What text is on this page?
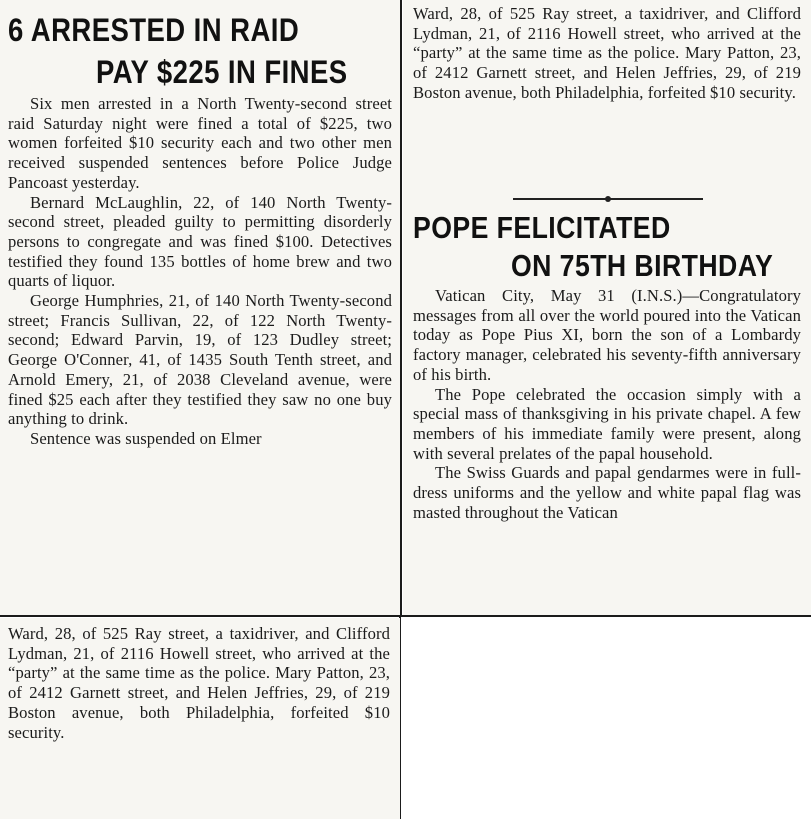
6 ARRESTED IN RAID
PAY $225 IN FINES

Six men arrested in a North Twenty-second street raid Saturday night were fined a total of $225, two women forfeited $10 security each and two other men received suspended sentences before Police Judge Pancoast yesterday.

Bernard McLaughlin, 22, of 140 North Twenty-second street, pleaded guilty to permitting disorderly persons to congregate and was fined $100. Detectives testified they found 135 bottles of home brew and two quarts of liquor.

George Humphries, 21, of 140 North Twenty-second street; Francis Sullivan, 22, of 122 North Twenty-second; Edward Parvin, 19, of 123 Dudley street; George O'Conner, 41, of 1435 South Tenth street, and Arnold Emery, 21, of 2038 Cleveland avenue, were fined $25 each after they testified they saw no one buy anything to drink.

Sentence was suspended on Elmer

Ward, 28, of 525 Ray street, a taxidriver, and Clifford Lydman, 21, of 2116 Howell street, who arrived at the “party” at the same time as the police. Mary Patton, 23, of 2412 Garnett street, and Helen Jeffries, 29, of 219 Boston avenue, both Philadelphia, forfeited $10 security.

POPE FELICITATED
ON 75TH BIRTHDAY

Vatican City, May 31 (I.N.S.)—Congratulatory messages from all over the world poured into the Vatican today as Pope Pius XI, born the son of a Lombardy factory manager, celebrated his seventy-fifth anniversary of his birth.

The Pope celebrated the occasion simply with a special mass of thanksgiving in his private chapel. A few members of his immediate family were present, along with several prelates of the papal household.

The Swiss Guards and papal gendarmes were in full-dress uniforms and the yellow and white papal flag was masted throughout the Vatican

Ward, 28, of 525 Ray street, a taxidriver, and Clifford Lydman, 21, of 2116 Howell street, who arrived at the “party” at the same time as the police. Mary Patton, 23, of 2412 Garnett street, and Helen Jeffries, 29, of 219 Boston avenue, both Philadelphia, forfeited $10 security.
